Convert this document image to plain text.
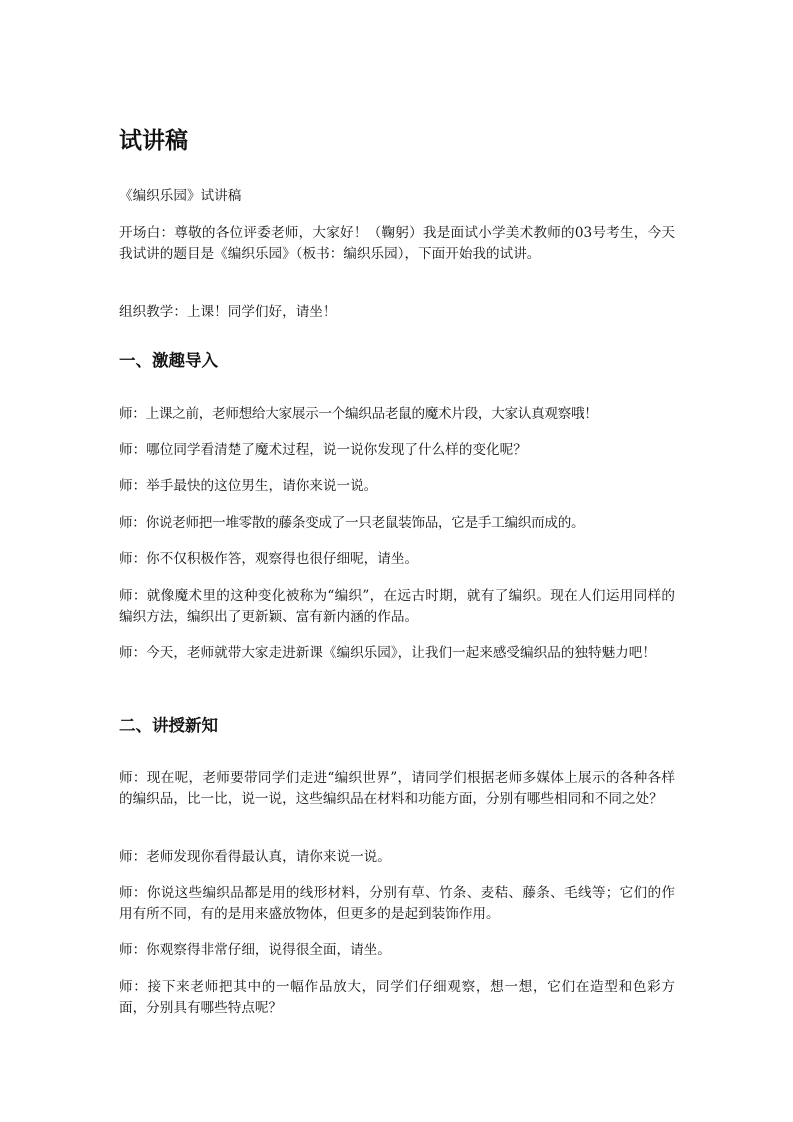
试讲稿

《编织乐园》试讲稿

开场白：尊敬的各位评委老师，大家好！（鞠躬）我是面试小学美术教师的03号考生，今天我试讲的题目是《编织乐园》（板书：编织乐园），下面开始我的试讲。

组织教学：上课！同学们好，请坐！

一、激趣导入

师：上课之前，老师想给大家展示一个编织品老鼠的魔术片段，大家认真观察哦！

师：哪位同学看清楚了魔术过程，说一说你发现了什么样的变化呢？

师：举手最快的这位男生，请你来说一说。

师：你说老师把一堆零散的藤条变成了一只老鼠装饰品，它是手工编织而成的。

师：你不仅积极作答，观察得也很仔细呢，请坐。

师：就像魔术里的这种变化被称为“编织”，在远古时期，就有了编织。现在人们运用同样的编织方法，编织出了更新颖、富有新内涵的作品。

师：今天，老师就带大家走进新课《编织乐园》，让我们一起来感受编织品的独特魅力吧！

二、讲授新知

师：现在呢，老师要带同学们走进“编织世界”，请同学们根据老师多媒体上展示的各种各样的编织品，比一比，说一说，这些编织品在材料和功能方面，分别有哪些相同和不同之处？

师：老师发现你看得最认真，请你来说一说。

师：你说这些编织品都是用的线形材料，分别有草、竹条、麦秸、藤条、毛线等；它们的作用有所不同，有的是用来盛放物体，但更多的是起到装饰作用。

师：你观察得非常仔细，说得很全面，请坐。

师：接下来老师把其中的一幅作品放大，同学们仔细观察，想一想，它们在造型和色彩方面，分别具有哪些特点呢？
